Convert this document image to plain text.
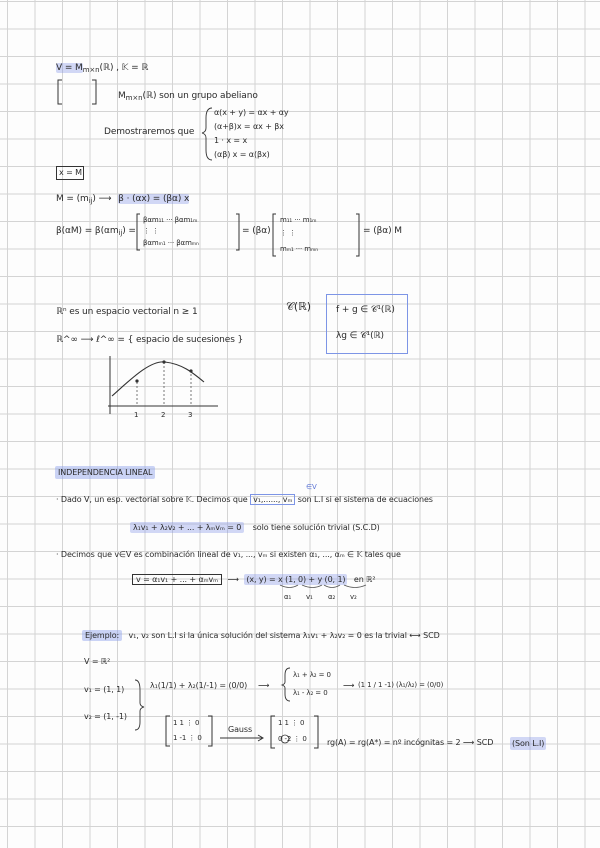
$V = M_{m\times n}(ℝ)$ , 𝕂 = ℝ
$M_{m\times n}(ℝ)$ son un grupo abeliano
Demostraremos que
α(x + y) = αx + αy
(α+β)x = αx + βx
1 · x = x
(αβ) x = α(βx)
x = M
$M = (m_{ij})$ ⟶ β · (αx) = (βα) x
$\beta(\alpha M) = \beta(\alpha m_{ij})$ =
βαm₁₁ ··· βαm₁ₘ
⋮ ⋮
βαmₘ₁ ··· βαmₘₙ
= (βα)
m₁₁ ··· m₁ₘ
⋮ ⋮
mₘ₁ ··· mₘₙ
= (βα) M
ℝⁿ es un espacio vectorial n ≥ 1
ℝ^∞ ⟶ ℓ^∞ = { espacio de sucesiones }
𝒞(ℝ)	f + g ∈ 𝒞¹(ℝ)
λg ∈ 𝒞¹(ℝ)
1	2	3
INDEPENDENCIA LINEAL
· Dado V, un esp. vectorial sobre 𝕂. Decimos que v₁,......, vₘ son L.I si el sistema de ecuaciones
∈V
λ₁v₁ + λ₂v₂ + ... + λₘvₘ = 0 solo tiene solución trivial (S.C.D)
· Decimos que v∈V es combinación lineal de v₁, ..., vₘ si existen α₁, ..., αₘ ∈ 𝕂 tales que
v = α₁v₁ + ... + αₘvₘ ⟶ (x, y) = x (1, 0) + y (0, 1) en ℝ²
α₁ v₁ α₂ v₂
Ejemplo: v₁, v₂ son L.I si la única solución del sistema λ₁v₁ + λ₂v₂ = 0 es la trivial ⟷ SCD
V = ℝ²
v₁ = (1, 1)
v₂ = (1, -1)
λ₁(1/1) + λ₂(1/-1) = (0/0) ⟶
λ₁ + λ₂ = 0
λ₁ - λ₂ = 0
⟶ (1 1 / 1 -1) (λ₁/λ₂) = (0/0)
1 1 ⋮ 0
1 -1 ⋮ 0
Gauss
1 1 ⋮ 0
0 -2 ⋮ 0	rg(A) = rg(A*) = nº incógnitas = 2 ⟶ SCD (Son L.I)
